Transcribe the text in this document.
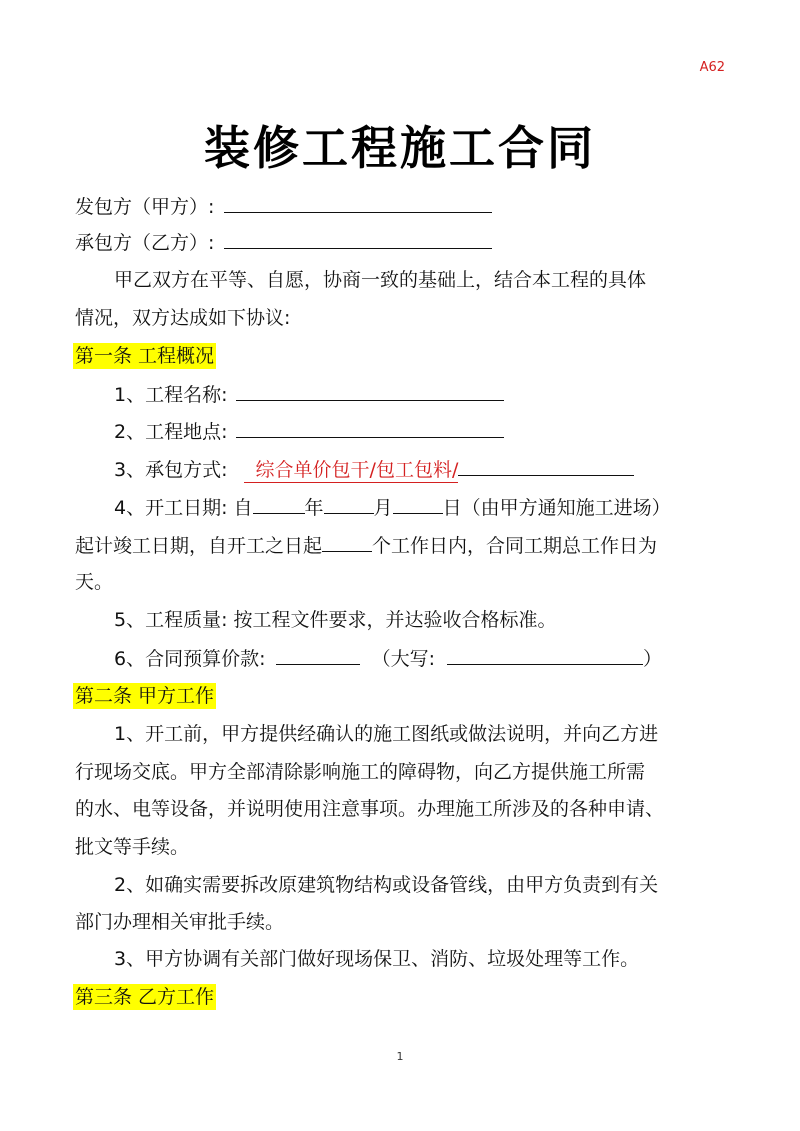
A62
装修工程施工合同
发包方（甲方）:
承包方（乙方）:
甲乙双方在平等、自愿，协商一致的基础上，结合本工程的具体
情况，双方达成如下协议:
第一条 工程概况
1、工程名称:
2、工程地点:
3、承包方式: 综合单价包干/包工包料/
4、开工日期: 自	年	月	日（由甲方通知施工进场）
起计竣工日期，自开工之日起	个工作日内，合同工期总工作日为
天。
5、工程质量: 按工程文件要求，并达验收合格标准。
6、合同预算价款:	（大写:	）
第二条 甲方工作
1、开工前，甲方提供经确认的施工图纸或做法说明，并向乙方进
行现场交底。甲方全部清除影响施工的障碍物，向乙方提供施工所需
的水、电等设备，并说明使用注意事项。办理施工所涉及的各种申请、
批文等手续。
2、如确实需要拆改原建筑物结构或设备管线，由甲方负责到有关
部门办理相关审批手续。
3、甲方协调有关部门做好现场保卫、消防、垃圾处理等工作。
第三条 乙方工作
1
